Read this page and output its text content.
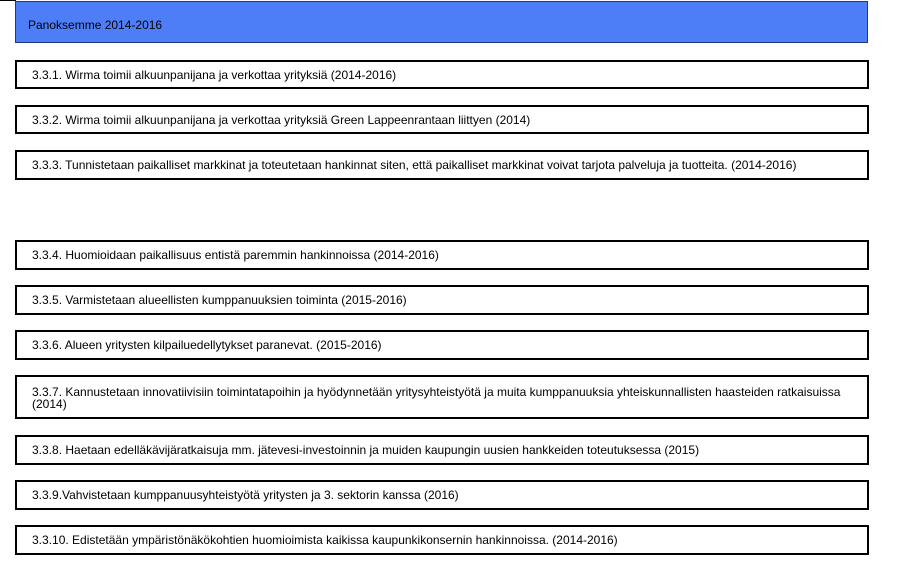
Panoksemme 2014-2016
3.3.1. Wirma toimii alkuunpanijana ja verkottaa yrityksiä (2014-2016)
3.3.2. Wirma toimii alkuunpanijana ja verkottaa yrityksiä Green Lappeenrantaan liittyen (2014)
3.3.3. Tunnistetaan paikalliset markkinat ja toteutetaan hankinnat siten, että paikalliset markkinat voivat tarjota palveluja ja tuotteita. (2014-2016)
3.3.4. Huomioidaan paikallisuus entistä paremmin hankinnoissa (2014-2016)
3.3.5. Varmistetaan alueellisten kumppanuuksien toiminta (2015-2016)
3.3.6. Alueen yritysten kilpailuedellytykset paranevat. (2015-2016)
3.3.7. Kannustetaan innovatiivisiin toimintatapoihin ja hyödynnetään yritysyhteistyötä ja muita kumppanuuksia yhteiskunnallisten haasteiden ratkaisuissa (2014)
3.3.8. Haetaan edelläkävijäratkaisuja mm. jätevesi-investoinnin ja muiden kaupungin uusien hankkeiden toteutuksessa (2015)
3.3.9.Vahvistetaan kumppanuusyhteistyötä yritysten ja 3. sektorin kanssa (2016)
3.3.10. Edistetään ympäristönäkökohtien huomioimista kaikissa kaupunkikonsernin hankinnoissa. (2014-2016)
